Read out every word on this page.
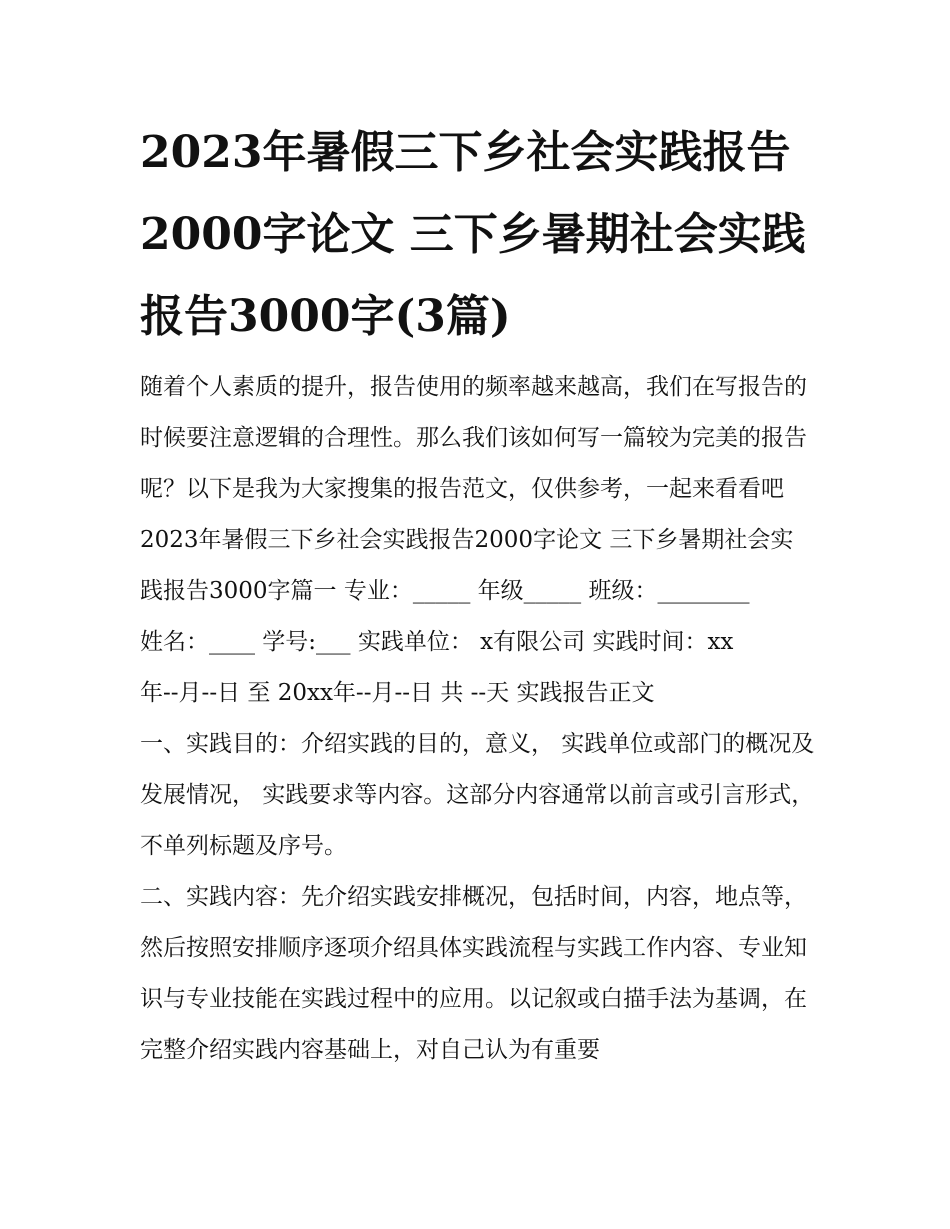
2023年暑假三下乡社会实践报告2000字论文 三下乡暑期社会实践报告3000字(3篇)

随着个人素质的提升，报告使用的频率越来越高，我们在写报告的时候要注意逻辑的合理性。那么我们该如何写一篇较为完美的报告呢？以下是我为大家搜集的报告范文，仅供参考，一起来看看吧

2023年暑假三下乡社会实践报告2000字论文 三下乡暑期社会实践报告3000字篇一 专业：_____ 年级_____ 班级：________

姓名：____ 学号:___ 实践单位： x有限公司 实践时间：xx

年--月--日 至 20xx年--月--日 共 --天 实践报告正文

一、实践目的：介绍实践的目的，意义， 实践单位或部门的概况及发展情况， 实践要求等内容。这部分内容通常以前言或引言形式，不单列标题及序号。

二、实践内容：先介绍实践安排概况，包括时间，内容，地点等，然后按照安排顺序逐项介绍具体实践流程与实践工作内容、专业知识与专业技能在实践过程中的应用。以记叙或白描手法为基调，在完整介绍实践内容基础上，对自己认为有重要
